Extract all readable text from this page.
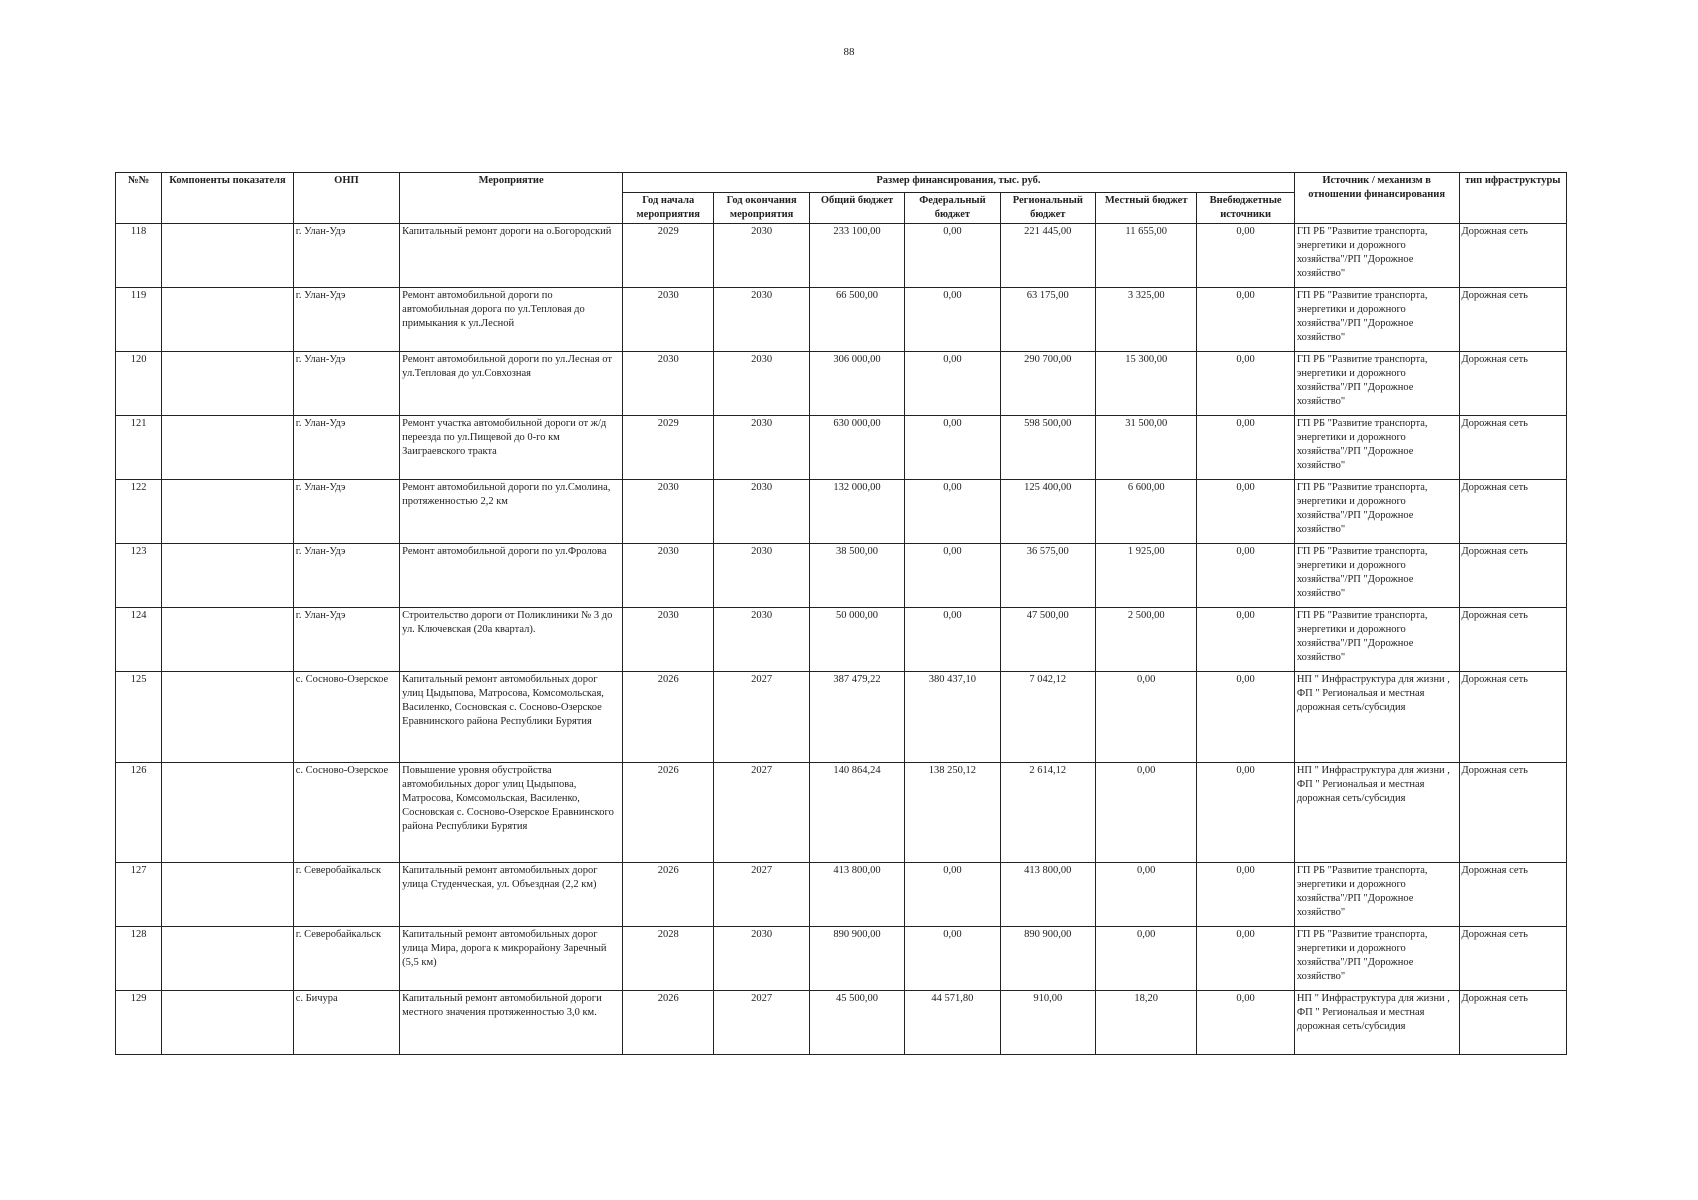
88
№№	Компоненты показателя	ОНП	Мероприятие	Размер финансирования, тыс. руб.							Источник / механизм в отношении финансирования	тип ифраструктуры
				Год начала мероприятия	Год окончания мероприятия	Общий бюджет	Федеральный бюджет	Региональный бюджет	Местный бюджет	Внебюджетные источники		
118		г. Улан-Удэ	Капитальный ремонт дороги на о.Богородский	2029	2030	233 100,00	0,00	221 445,00	11 655,00	0,00	ГП РБ "Развитие транспорта, энергетики и дорожного хозяйства"/РП "Дорожное хозяйство"	Дорожная сеть
119		г. Улан-Удэ	Ремонт автомобильной дороги по автомобильная дорога по ул.Тепловая до примыкания к ул.Лесной	2030	2030	66 500,00	0,00	63 175,00	3 325,00	0,00	ГП РБ "Развитие транспорта, энергетики и дорожного хозяйства"/РП "Дорожное хозяйство"	Дорожная сеть
120		г. Улан-Удэ	Ремонт автомобильной дороги по ул.Лесная от ул.Тепловая до ул.Совхозная	2030	2030	306 000,00	0,00	290 700,00	15 300,00	0,00	ГП РБ "Развитие транспорта, энергетики и дорожного хозяйства"/РП "Дорожное хозяйство"	Дорожная сеть
121		г. Улан-Удэ	Ремонт участка автомобильной дороги от ж/д переезда по ул.Пищевой до 0-го км Заиграевского тракта	2029	2030	630 000,00	0,00	598 500,00	31 500,00	0,00	ГП РБ "Развитие транспорта, энергетики и дорожного хозяйства"/РП "Дорожное хозяйство"	Дорожная сеть
122		г. Улан-Удэ	Ремонт автомобильной дороги по ул.Смолина, протяженностью 2,2 км	2030	2030	132 000,00	0,00	125 400,00	6 600,00	0,00	ГП РБ "Развитие транспорта, энергетики и дорожного хозяйства"/РП "Дорожное хозяйство"	Дорожная сеть
123		г. Улан-Удэ	Ремонт автомобильной дороги по ул.Фролова	2030	2030	38 500,00	0,00	36 575,00	1 925,00	0,00	ГП РБ "Развитие транспорта, энергетики и дорожного хозяйства"/РП "Дорожное хозяйство"	Дорожная сеть
124		г. Улан-Удэ	Строительство дороги от Поликлиники № 3 до ул. Ключевская (20а квартал).	2030	2030	50 000,00	0,00	47 500,00	2 500,00	0,00	ГП РБ "Развитие транспорта, энергетики и дорожного хозяйства"/РП "Дорожное хозяйство"	Дорожная сеть
125		с. Сосново-Озерское	Капитальный ремонт автомобильных дорог улиц Цыдыпова, Матросова, Комсомольская, Василенко, Сосновская с. Сосново-Озерское Еравнинского района Республики Бурятия	2026	2027	387 479,22	380 437,10	7 042,12	0,00	0,00	НП " Инфраструктура для жизни , ФП " Региональая и местная дорожная сеть/субсидия	Дорожная сеть
126		с. Сосново-Озерское	Повышение уровня обустройства автомобильных дорог улиц Цыдыпова, Матросова, Комсомольская, Василенко, Сосновская с. Сосново-Озерское Еравнинского района Республики Бурятия	2026	2027	140 864,24	138 250,12	2 614,12	0,00	0,00	НП " Инфраструктура для жизни , ФП " Региональая и местная дорожная сеть/субсидия	Дорожная сеть
127		г. Северобайкальск	Капитальный ремонт автомобильных дорог улица Студенческая, ул. Объездная (2,2 км)	2026	2027	413 800,00	0,00	413 800,00	0,00	0,00	ГП РБ "Развитие транспорта, энергетики и дорожного хозяйства"/РП "Дорожное хозяйство"	Дорожная сеть
128		г. Северобайкальск	Капитальный ремонт автомобильных дорог улица Мира, дорога к микрорайону Заречный (5,5 км)	2028	2030	890 900,00	0,00	890 900,00	0,00	0,00	ГП РБ "Развитие транспорта, энергетики и дорожного хозяйства"/РП "Дорожное хозяйство"	Дорожная сеть
129		с. Бичура	Капитальный ремонт автомобильной дороги местного значения протяженностью 3,0 км.	2026	2027	45 500,00	44 571,80	910,00	18,20	0,00	НП " Инфраструктура для жизни , ФП " Региональая и местная дорожная сеть/субсидия	Дорожная сеть
